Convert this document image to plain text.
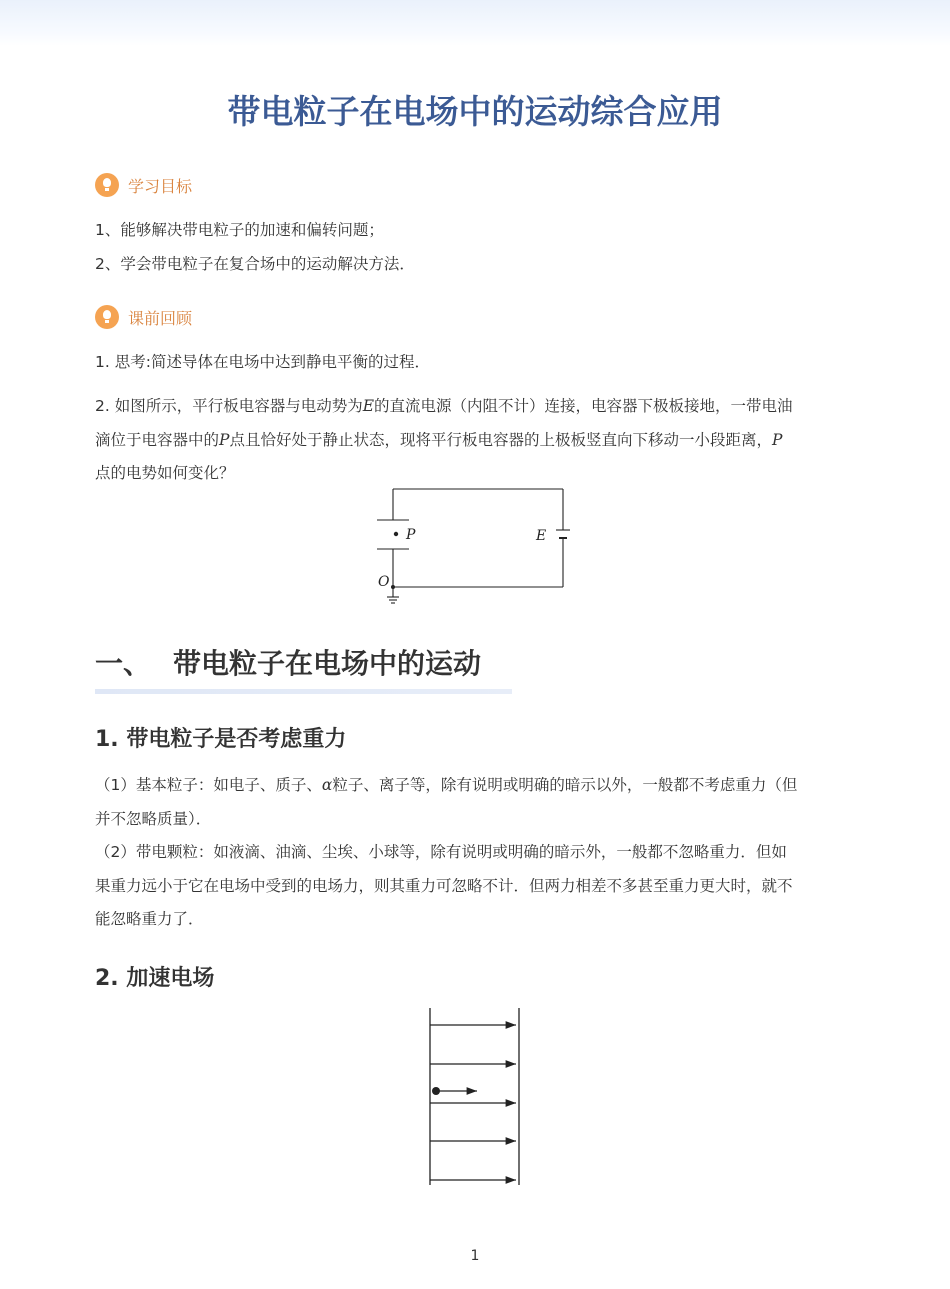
带电粒子在电场中的运动综合应用
学习目标
1、能够解决带电粒子的加速和偏转问题；
2、学会带电粒子在复合场中的运动解决方法．
课前回顾
1. 思考:简述导体在电场中达到静电平衡的过程．

2. 如图所示，平行板电容器与电动势为E的直流电源（内阻不计）连接，电容器下极板接地，一带电油

滴位于电容器中的P点且恰好处于静止状态，现将平行板电容器的上极板竖直向下移动一小段距离，P

点的电势如何变化？

P	E
O
一、 带电粒子在电场中的运动
1. 带电粒子是否考虑重力

（1）基本粒子：如电子、质子、α粒子、离子等，除有说明或明确的暗示以外，一般都不考虑重力（但

并不忽略质量）．

（2）带电颗粒：如液滴、油滴、尘埃、小球等，除有说明或明确的暗示外，一般都不忽略重力．但如

果重力远小于它在电场中受到的电场力，则其重力可忽略不计．但两力相差不多甚至重力更大时，就不

能忽略重力了．

2. 加速电场
1
